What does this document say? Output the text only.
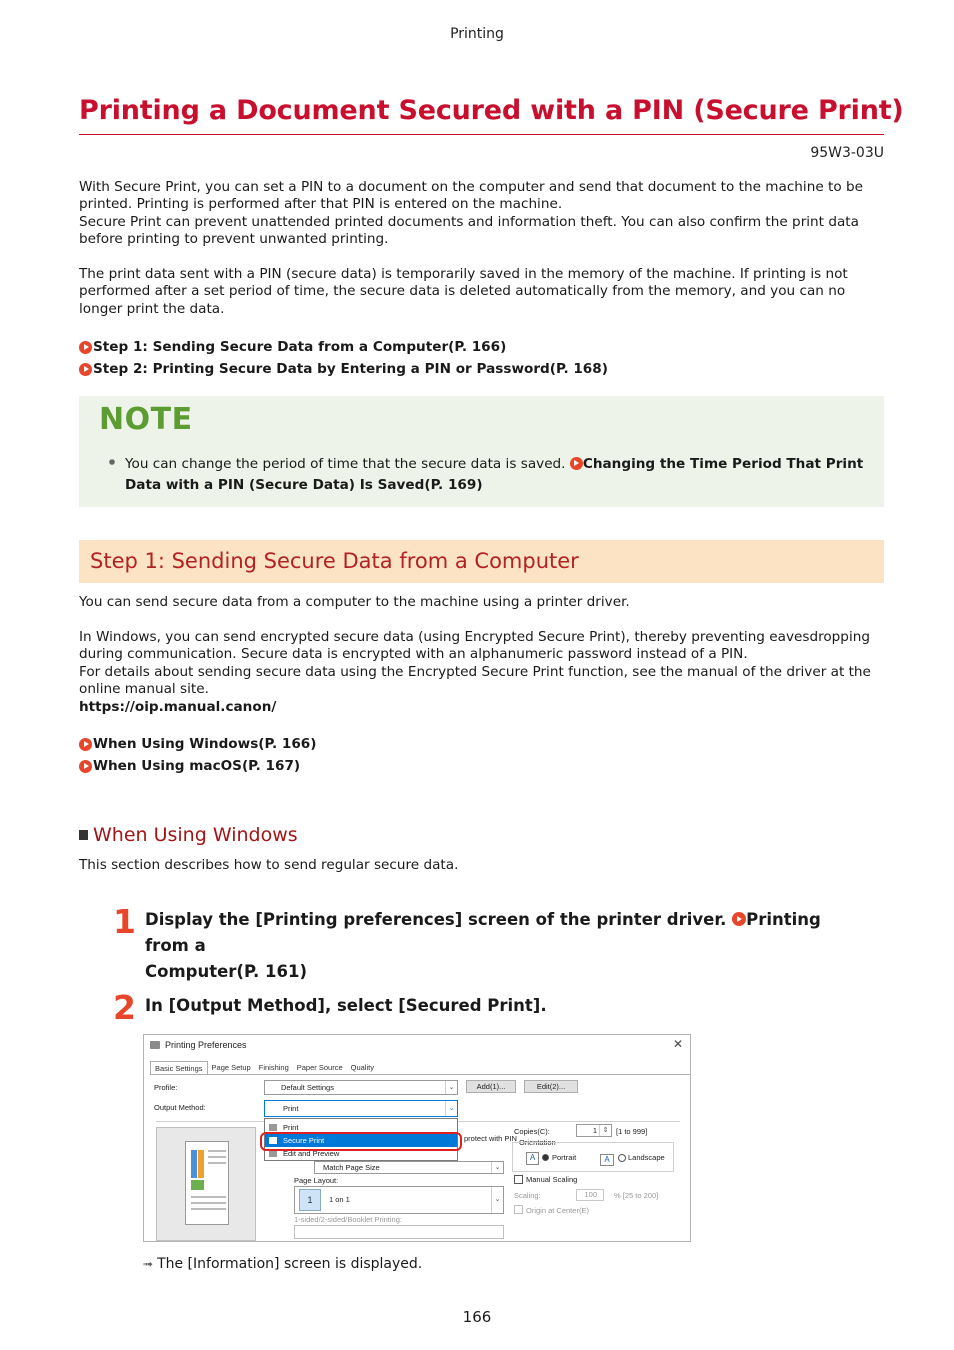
Printing
Printing a Document Secured with a PIN (Secure Print)
95W3-03U

With Secure Print, you can set a PIN to a document on the computer and send that document to the machine to be

printed. Printing is performed after that PIN is entered on the machine.

Secure Print can prevent unattended printed documents and information theft. You can also confirm the print data

before printing to prevent unwanted printing.

The print data sent with a PIN (secure data) is temporarily saved in the memory of the machine. If printing is not

performed after a set period of time, the secure data is deleted automatically from the memory, and you can no

longer print the data.

Step 1: Sending Secure Data from a Computer(P. 166)
Step 2: Printing Secure Data by Entering a PIN or Password(P. 168)
NOTE
You can change the period of time that the secure data is saved.
Changing the Time Period That Print
Data with a PIN (Secure Data) Is Saved(P. 169)
Step 1: Sending Secure Data from a Computer

You can send secure data from a computer to the machine using a printer driver.

In Windows, you can send encrypted secure data (using Encrypted Secure Print), thereby preventing eavesdropping

during communication. Secure data is encrypted with an alphanumeric password instead of a PIN.

For details about sending secure data using the Encrypted Secure Print function, see the manual of the driver at the

online manual site.

https://oip.manual.canon/

When Using Windows(P. 166)
When Using macOS(P. 167)
When Using Windows

This section describes how to send regular secure data.

1 Display the [Printing preferences] screen of the printer driver.
Printing from a
Computer(P. 161)
2 In [Output Method], select [Secured Print].
Printing Preferences	✕
Basic Settings	Page Setup	Finishing	Paper Source	Quality
Profile:	Default Settings	⌄	Add(1)...	Edit(2)...
Output Method:	Print	⌄
protect with PIN
Copies(C):	1 ⇕	[1 to 999]
Orientation
A	Portrait	A	Landscape
Manual Scaling
Scaling:	100	% [25 to 200]
Origin at Center(E)
Match Page Size	⌄
Page Layout:
1 on 1	⌄
1
1-sided/2-sided/Booklet Printing:
Print
Secure Print
Edit and Preview
➟ The [Information] screen is displayed.
166
